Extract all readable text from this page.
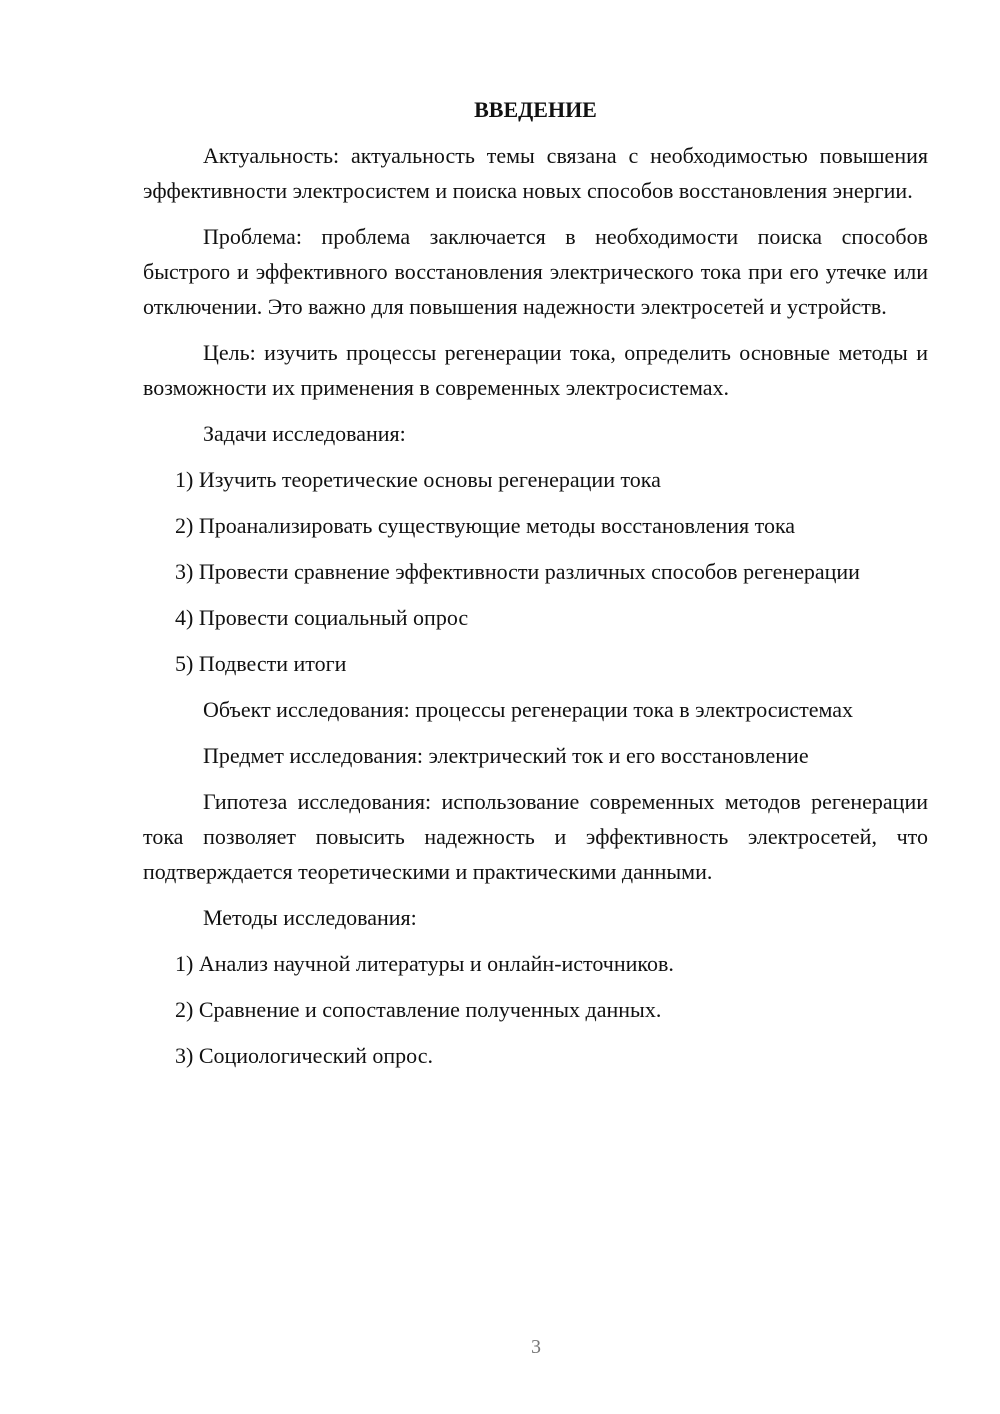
ВВЕДЕНИЕ

Актуальность: актуальность темы связана с необходимостью повышения эффективности электросистем и поиска новых способов восстановления энергии.

Проблема: проблема заключается в необходимости поиска способов быстрого и эффективного восстановления электрического тока при его утечке или отключении. Это важно для повышения надежности электросетей и устройств.

Цель: изучить процессы регенерации тока, определить основные методы и возможности их применения в современных электросистемах.

Задачи исследования:

1) Изучить теоретические основы регенерации тока

2) Проанализировать существующие методы восстановления тока

3) Провести сравнение эффективности различных способов регенерации

4) Провести социальный опрос

5) Подвести итоги

Объект исследования: процессы регенерации тока в электросистемах

Предмет исследования: электрический ток и его восстановление

Гипотеза исследования: использование современных методов регенерации тока позволяет повысить надежность и эффективность электросетей, что подтверждается теоретическими и практическими данными.

Методы исследования:

1) Анализ научной литературы и онлайн-источников.

2) Сравнение и сопоставление полученных данных.

3) Социологический опрос.

3
